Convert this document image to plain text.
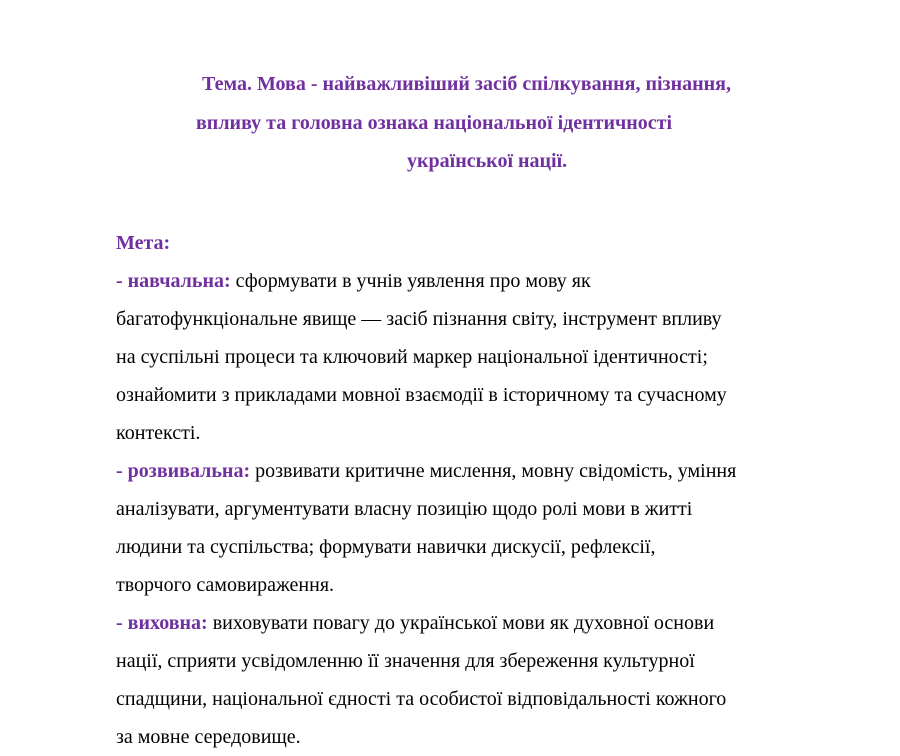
Тема. Мова - найважливіший засіб спілкування, пізнання,
впливу та головна ознака національної ідентичності
української нації.
Мета:
- навчальна: сформувати в учнів уявлення про мову як
багатофункціональне явище — засіб пізнання світу, інструмент впливу
на суспільні процеси та ключовий маркер національної ідентичності;
ознайомити з прикладами мовної взаємодії в історичному та сучасному
контексті.
- розвивальна: розвивати критичне мислення, мовну свідомість, уміння
аналізувати, аргументувати власну позицію щодо ролі мови в житті
людини та суспільства; формувати навички дискусії, рефлексії,
творчого самовираження.
- виховна: виховувати повагу до української мови як духовної основи
нації, сприяти усвідомленню її значення для збереження культурної
спадщини, національної єдності та особистої відповідальності кожного
за мовне середовище.
